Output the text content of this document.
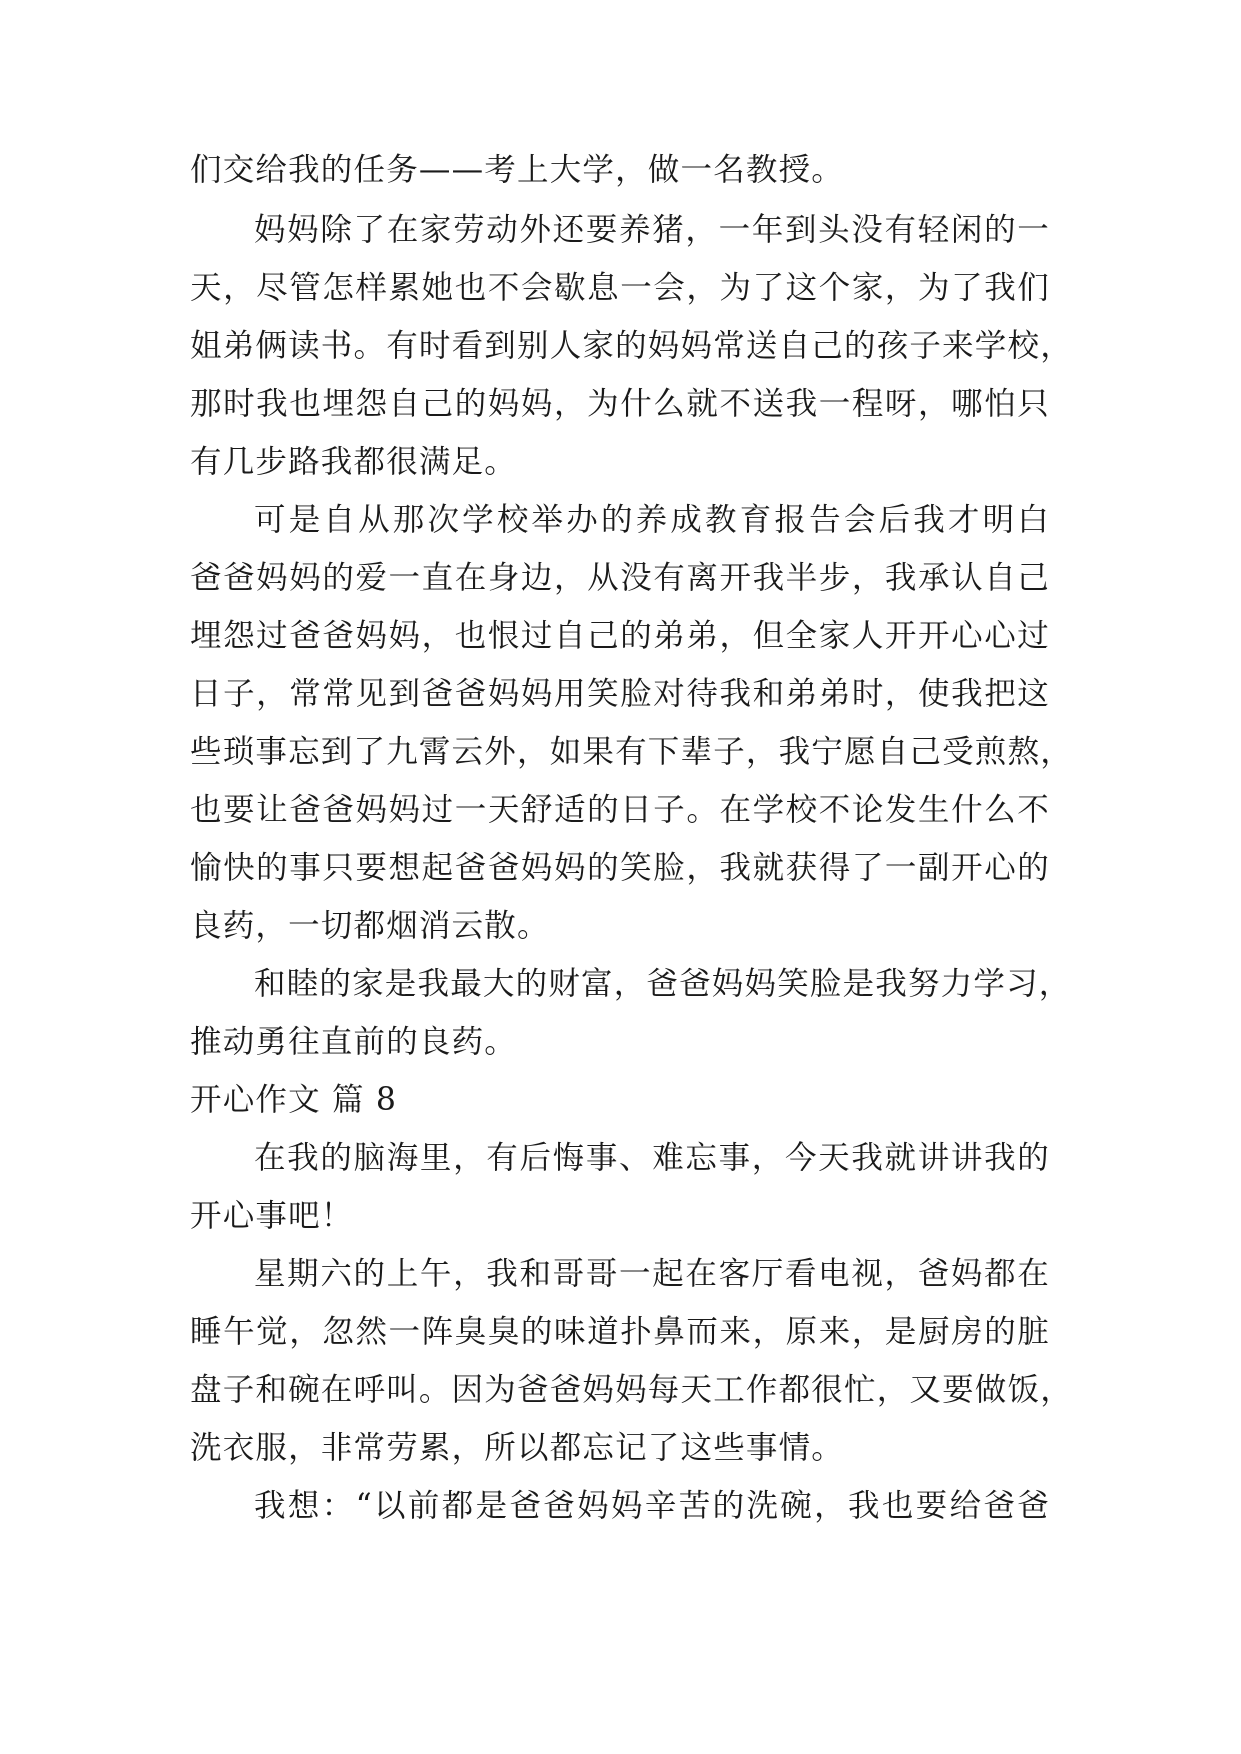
们交给我的任务——考上大学，做一名教授。
妈妈除了在家劳动外还要养猪，一年到头没有轻闲的一
天，尽管怎样累她也不会歇息一会，为了这个家，为了我们
姐弟俩读书。有时看到别人家的妈妈常送自己的孩子来学校，
那时我也埋怨自己的妈妈，为什么就不送我一程呀，哪怕只
有几步路我都很满足。
可是自从那次学校举办的养成教育报告会后我才明白
爸爸妈妈的爱一直在身边，从没有离开我半步，我承认自己
埋怨过爸爸妈妈，也恨过自己的弟弟，但全家人开开心心过
日子，常常见到爸爸妈妈用笑脸对待我和弟弟时，使我把这
些琐事忘到了九霄云外，如果有下辈子，我宁愿自己受煎熬，
也要让爸爸妈妈过一天舒适的日子。在学校不论发生什么不
愉快的事只要想起爸爸妈妈的笑脸，我就获得了一副开心的
良药，一切都烟消云散。
和睦的家是我最大的财富，爸爸妈妈笑脸是我努力学习，
推动勇往直前的良药。
开心作文 篇 8
在我的脑海里，有后悔事、难忘事，今天我就讲讲我的
开心事吧！
星期六的上午，我和哥哥一起在客厅看电视，爸妈都在
睡午觉，忽然一阵臭臭的味道扑鼻而来，原来，是厨房的脏
盘子和碗在呼叫。因为爸爸妈妈每天工作都很忙，又要做饭，
洗衣服，非常劳累，所以都忘记了这些事情。
我想：“以前都是爸爸妈妈辛苦的洗碗，我也要给爸爸
